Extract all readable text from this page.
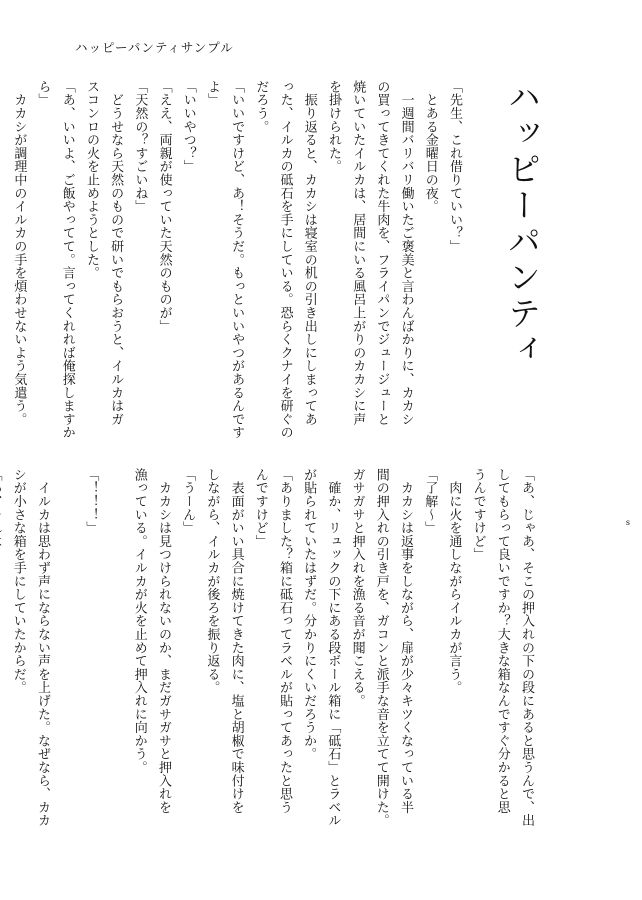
ハッピーパンティサンプル
ハッピーパンティ
「先生、これ借りていい？」
　とある金曜日の夜。
　一週間バリバリ働いたご褒美と言わんばかりに、カカシ
の買ってきてくれた牛肉を、フライパンでジュージューと
焼いていたイルカは、居間にいる風呂上がりのカカシに声
を掛けられた。
　振り返ると、カカシは寝室の机の引き出しにしまってあ
った、イルカの砥石を手にしている。恐らくクナイを研ぐの
だろう。
「いいですけど、あ！そうだ。もっといいやつがあるんです
よ」
「いいやつ？」
「ええ、両親が使っていた天然のものが」
「天然の？すごいね」
　どうせなら天然のもので研いでもらおうと、イルカはガ
スコンロの火を止めようとした。
「あ、いいよ、ご飯やってて。言ってくれれば俺探しますか
ら」
　カカシが調理中のイルカの手を煩わせないよう気遣う。
「あ、じゃあ、そこの押入れの下の段にあると思うんで、出
してもらって良いですか？大きな箱なんですぐ分かると思
うんですけど」
　肉に火を通しながらイルカが言う。
「了解～」
　カカシは返事をしながら、扉が少々キツくなっている半
間の押入れの引き戸を、ガコンと派手な音を立てて開けた。
ガサガサと押入れを漁る音が聞こえる。
　確か、リュックの下にある段ボール箱に「砥石」とラベル
が貼られていたはずだ。分かりにくいだろうか。
「ありました？箱に砥石ってラベルが貼ってあったと思う
んですけど」
　表面がいい具合に焼けてきた肉に、塩と胡椒で味付けを
しながら、イルカが後ろを振り返る。
「うーん」
　カカシは見つけられないのか、まだガサガサと押入れを
漁っている。イルカが火を止めて押入れに向かう。
「！！！」
　イルカは思わず声にならない声を上げた。なぜなら、カカ
シが小さな箱を手にしていたからだ。	s
